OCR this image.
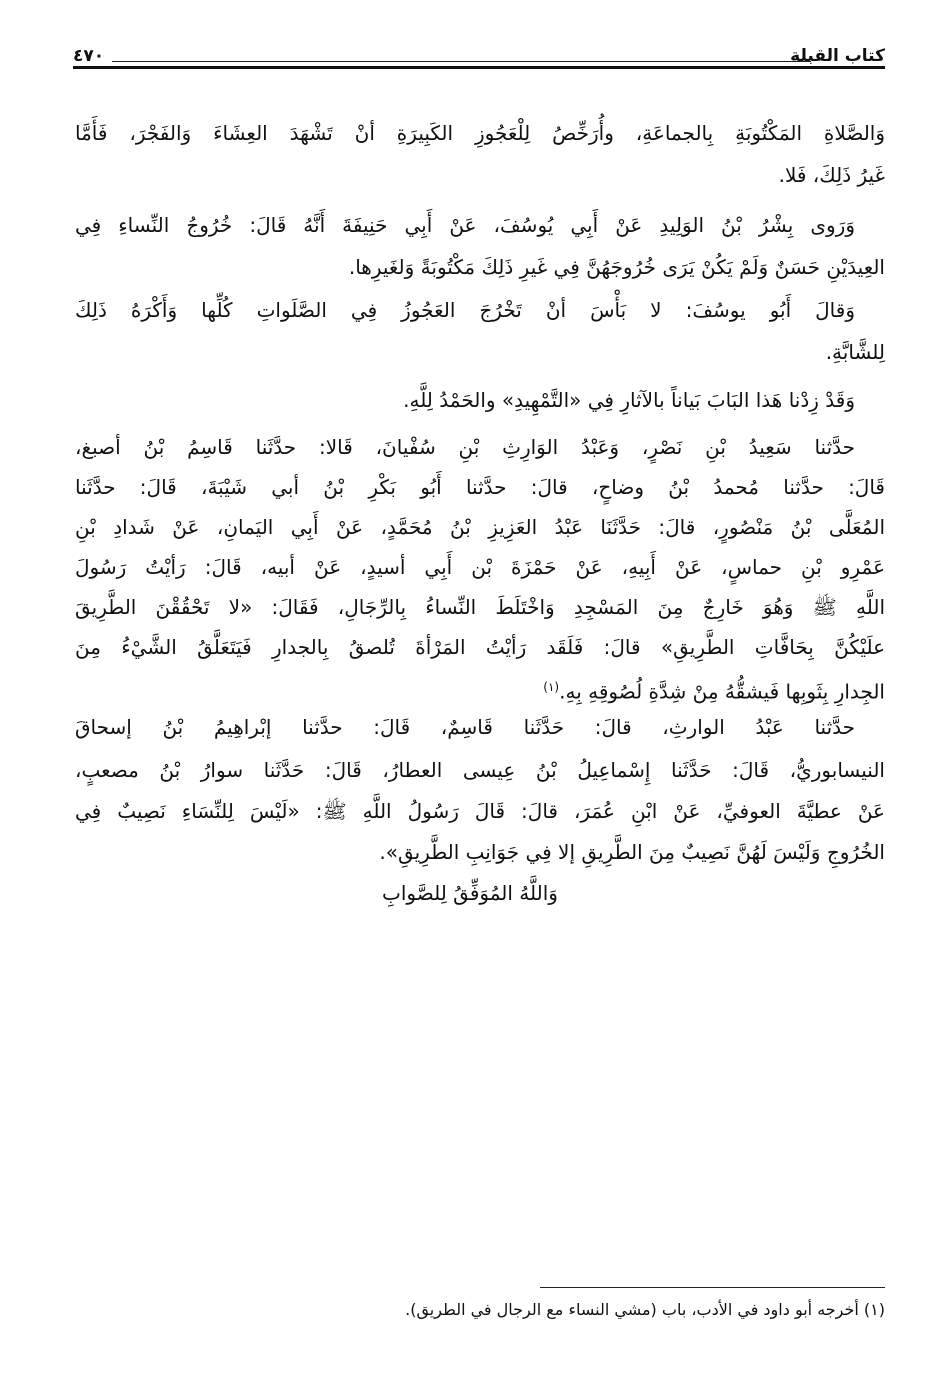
كتاب القبلة
٤٧٠
وَالصَّلاةِ المَكْتُوبَةِ بِالجماعَةِ، وأُرَخِّصُ لِلْعَجُوزِ الكَبِيرَةِ أنْ تَشْهَدَ العِشَاءَ وَالفَجْرَ، فَأَمَّا
غَيرُ ذَلِكَ، فَلا.
وَرَوى بِشْرُ بْنُ الوَلِيدِ عَنْ أَبِي يُوسُفَ، عَنْ أَبِي حَنِيفَةَ أَنَّهُ قَالَ: خُرُوجُ النِّساءِ فِي
العِيدَيْنِ حَسَنٌ وَلَمْ يَكُنْ يَرَى خُرُوجَهُنَّ فِي غَيرِ ذَلِكَ مَكْتُوبَةً وَلغَيرِها.
وَقالَ أَبُو يوسُفَ: لا بَأْسَ أنْ تَخْرُجَ العَجُوزُ فِي الصَّلَواتِ كُلِّها وَأَكْرَهُ ذَلِكَ
لِلشَّابَّةِ.
وَقَدْ زِدْنا هَذا البَابَ بَياناً بالآثارِ فِي «التَّمْهِيدِ» والحَمْدُ لِلَّهِ.
حدَّثنا سَعِيدُ بْنِ نَصْرٍ، وَعَبْدُ الوَارِثِ بْنِ سُفْيانَ، قَالا: حدَّثَنا قَاسِمُ بْنُ أصبغ،
قَالَ: حدَّثنا مُحمدُ بْنُ وضاحٍ، قالَ: حدَّثنا أَبُو بَكْرِ بْنُ أبي شَيْبَةَ، قَالَ: حدَّثَنا
المُعَلَّى بْنُ مَنْصُورٍ، قالَ: حَدَّثَنَا عَبْدُ العَزِيزِ بْنُ مُحَمَّدٍ، عَنْ أَبِي اليَمانِ، عَنْ شَدادِ بْنِ
عَمْرِو بْنِ حماسٍ، عَنْ أَبِيهِ، عَنْ حَمْزَةَ بْن أَبِي أسيدٍ، عَنْ أبيه، قَالَ: رَأيْتُ رَسُولَ
اللَّهِ ﷺ وَهُوَ خَارِجٌ مِنَ المَسْجِدِ وَاخْتَلَطَ النِّساءُ بِالرِّجَالِ، فَقَالَ: «لا تَحْقُقْنَ الطَّرِيقَ
علَيْكُنَّ بِحَافَّاتِ الطَّرِيقِ» قالَ: فَلَقَد رَأيْتُ المَرْأةَ تُلصقُ بِالجدارِ فَيَتَعَلَّقُ الشَّيْءُ مِنَ
الجِدارِ بِثَوبِها فَيشقُّهُ مِنْ شِدَّةِ لُصُوقِهِ بِهِ.$^{(١)}$
حدَّثنا عَبْدُ الوارثِ، قالَ: حَدَّثَنا قَاسِمٌ، قَالَ: حدَّثنا إبْراهِيمُ بْنُ إسحاقَ
النيسابوريُّ، قَالَ: حَدَّثَنا إِسْماعِيلُ بْنُ عِيسى العطارُ، قَالَ: حَدَّثَنا سوارُ بْنُ مصعبٍ،
عَنْ عطيَّةَ العوفيِّ، عَنْ ابْنِ عُمَرَ، قالَ: قَالَ رَسُولُ اللَّهِ ﷺ: «لَيْسَ لِلنِّسَاءِ نَصِيبٌ فِي
الخُرُوجِ وَلَيْسَ لَهُنَّ نَصِيبٌ مِنَ الطَّرِيقِ إلا فِي جَوَانِبِ الطَّرِيقِ».
وَاللَّهُ المُوَفِّقُ لِلصَّوابِ
(١) أخرجه أبو داود في الأدب، باب (مشي النساء مع الرجال في الطريق).
